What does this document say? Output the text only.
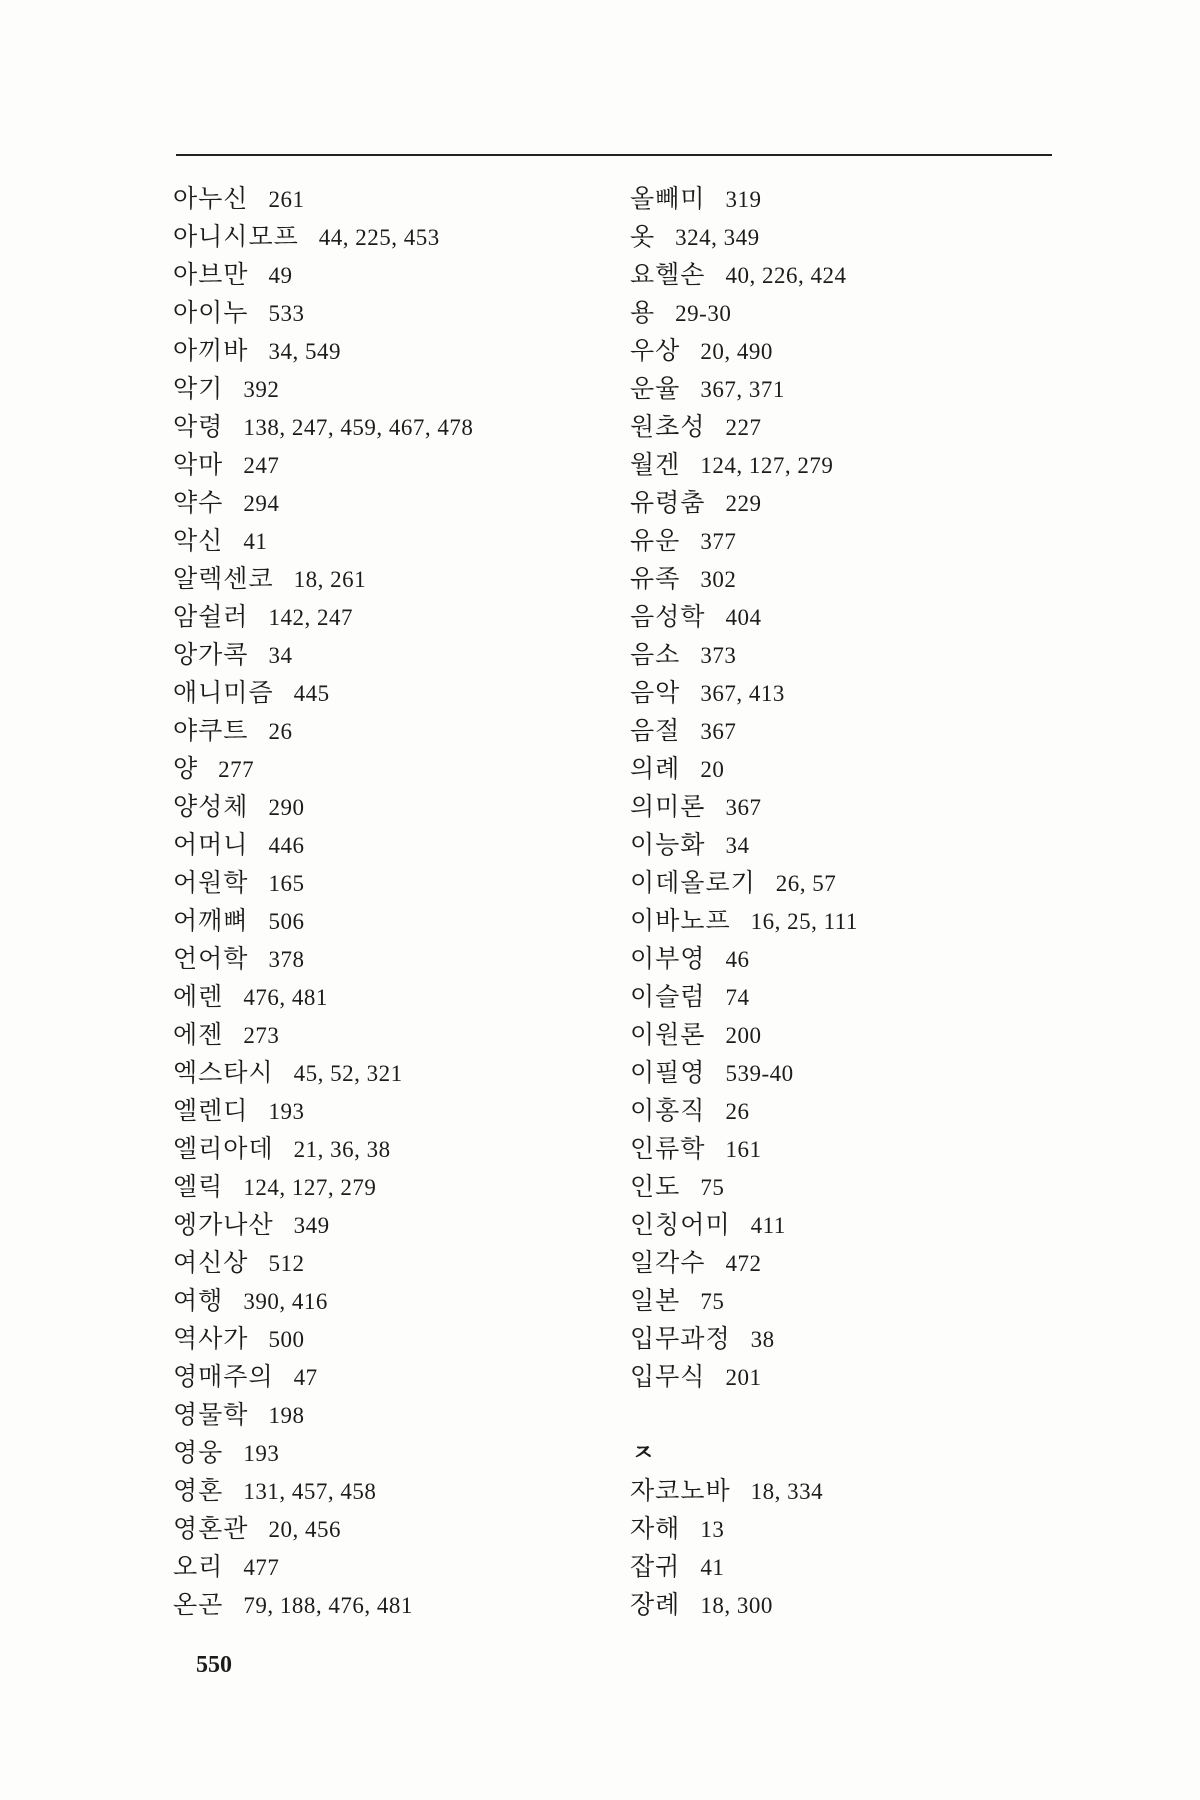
아누신 261
아니시모프 44, 225, 453
아브만 49
아이누 533
아끼바 34, 549
악기 392
악령 138, 247, 459, 467, 478
악마 247
약수 294
악신 41
알렉센코 18, 261
암쉴러 142, 247
앙가콕 34
애니미즘 445
야쿠트 26
양 277
양성체 290
어머니 446
어원학 165
어깨뼈 506
언어학 378
에렌 476, 481
에젠 273
엑스타시 45, 52, 321
엘렌디 193
엘리아데 21, 36, 38
엘릭 124, 127, 279
엥가나산 349
여신상 512
여행 390, 416
역사가 500
영매주의 47
영물학 198
영웅 193
영혼 131, 457, 458
영혼관 20, 456
오리 477
온곤 79, 188, 476, 481
올빼미 319
옷 324, 349
요헬손 40, 226, 424
용 29-30
우상 20, 490
운율 367, 371
원초성 227
월겐 124, 127, 279
유령춤 229
유운 377
유족 302
음성학 404
음소 373
음악 367, 413
음절 367
의례 20
의미론 367
이능화 34
이데올로기 26, 57
이바노프 16, 25, 111
이부영 46
이슬럼 74
이원론 200
이필영 539-40
이홍직 26
인류학 161
인도 75
인칭어미 411
일각수 472
일본 75
입무과정 38
입무식 201
ㅈ
자코노바 18, 334
자해 13
잡귀 41
장례 18, 300
550
